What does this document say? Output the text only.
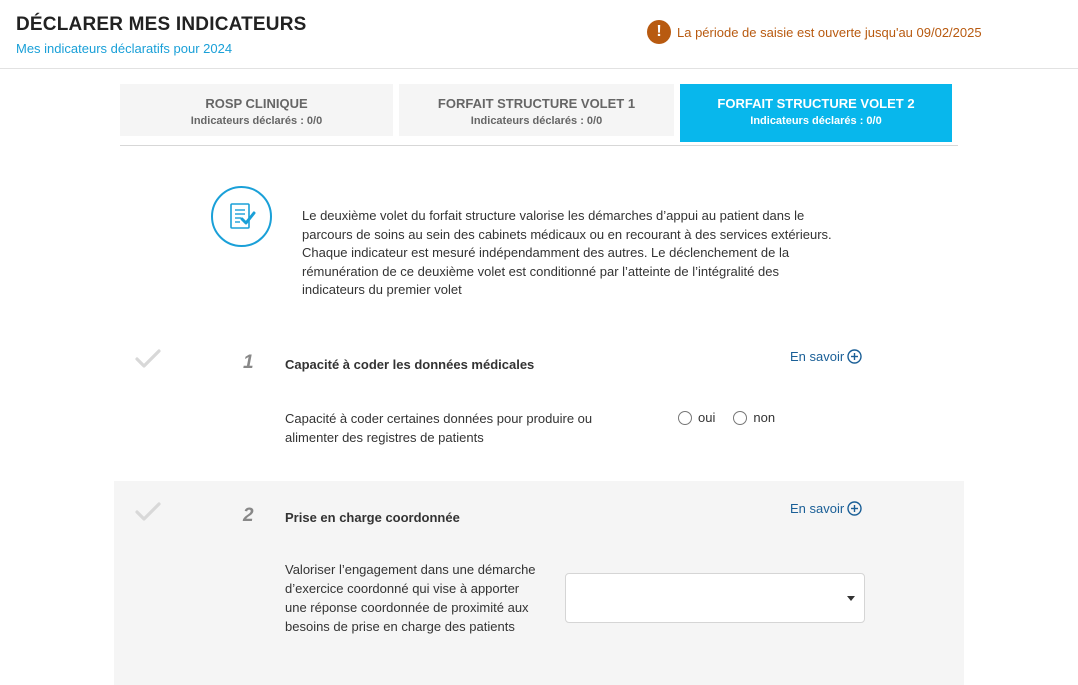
DÉCLARER MES INDICATEURS
Mes indicateurs déclaratifs pour 2024
!	La période de saisie est ouverte jusqu'au 09/02/2025
ROSP CLINIQUE
Indicateurs déclarés : 0/0
FORFAIT STRUCTURE VOLET 1
Indicateurs déclarés : 0/0
FORFAIT STRUCTURE VOLET 2
Indicateurs déclarés : 0/0
Le deuxième volet du forfait structure valorise les démarches d’appui au patient dans le
parcours de soins au sein des cabinets médicaux ou en recourant à des services extérieurs.
Chaque indicateur est mesuré indépendamment des autres. Le déclenchement de la
rémunération de ce deuxième volet est conditionné par l’atteinte de l’intégralité des
indicateurs du premier volet
1 Capacité à coder les données médicales
En savoir
Capacité à coder certaines données pour produire ou
alimenter des registres de patients
oui	non
2 Prise en charge coordonnée
En savoir
Valoriser l’engagement dans une démarche
d’exercice coordonné qui vise à apporter
une réponse coordonnée de proximité aux
besoins de prise en charge des patients
